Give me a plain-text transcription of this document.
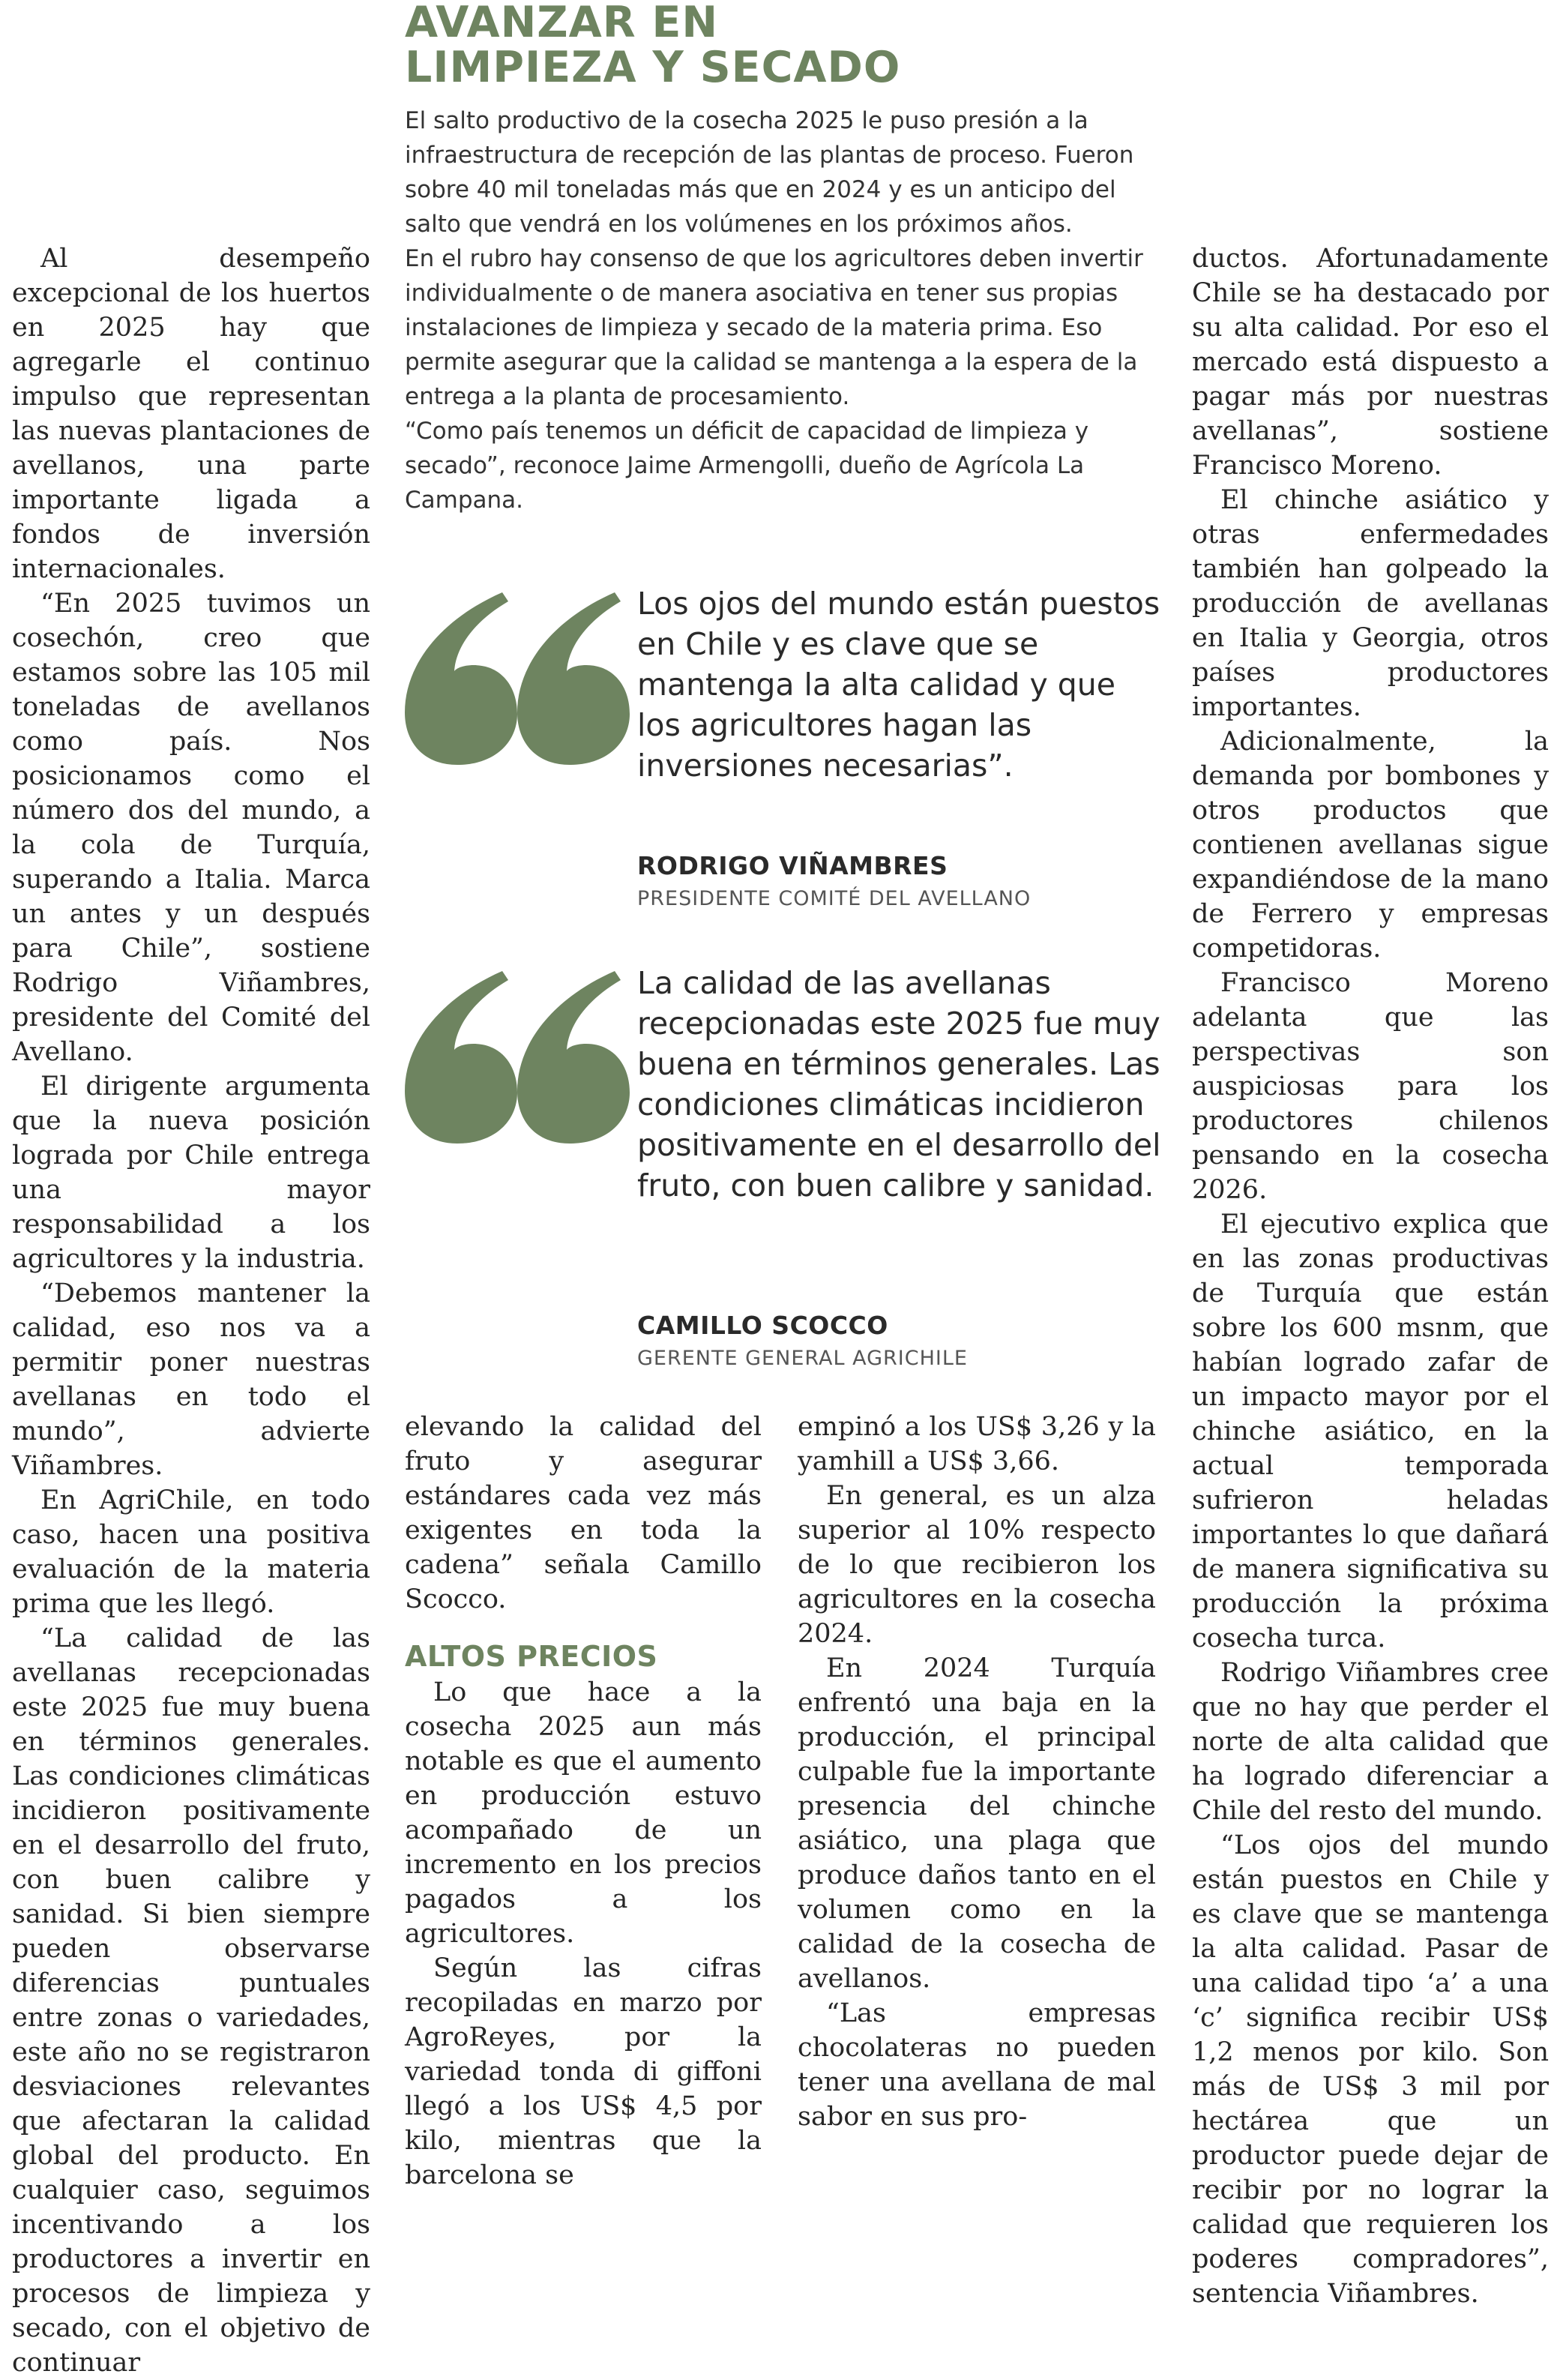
AVANZAR EN
LIMPIEZA Y SECADO

El salto productivo de la cosecha 2025 le puso presión a la infraestructura de recepción de las plantas de proceso. Fueron sobre 40 mil toneladas más que en 2024 y es un anticipo del salto que vendrá en los volúmenes en los próximos años.

En el rubro hay consenso de que los agricultores deben invertir individualmente o de manera asociativa en tener sus propias instalaciones de limpieza y secado de la materia prima. Eso permite asegurar que la calidad se mantenga a la espera de la entrega a la planta de procesamiento.

“Como país tenemos un déficit de capacidad de limpieza y secado”, reconoce Jaime Armengolli, dueño de Agrícola La Campana.

Los ojos del mundo están puestos en Chile y es clave que se mantenga la alta calidad y que los agricultores hagan las inversiones necesarias”.
RODRIGO VIÑAMBRES
PRESIDENTE COMITÉ DEL AVELLANO
La calidad de las avellanas recepcionadas este 2025 fue muy buena en términos generales. Las condiciones climáticas incidieron positivamente en el desarrollo del fruto, con buen calibre y sanidad.
CAMILLO SCOCCO
GERENTE GENERAL AGRICHILE

Al desempeño excepcional de los huertos en 2025 hay que agregarle el continuo impulso que representan las nuevas plantaciones de avellanos, una parte importante ligada a fondos de inversión internacionales.

“En 2025 tuvimos un cosechón, creo que estamos sobre las 105 mil toneladas de avellanos como país. Nos posicionamos como el número dos del mundo, a la cola de Turquía, superando a Italia. Marca un antes y un después para Chile”, sostiene Rodrigo Viñambres, presidente del Comité del Avellano.

El dirigente argumenta que la nueva posición lograda por Chile entrega una mayor responsabilidad a los agricultores y la industria.

“Debemos mantener la calidad, eso nos va a permitir poner nuestras avellanas en todo el mundo”, advierte Viñambres.

En AgriChile, en todo caso, hacen una positiva evaluación de la materia prima que les llegó.

“La calidad de las avellanas recepcionadas este 2025 fue muy buena en términos generales. Las condiciones climáticas incidieron positivamente en el desarrollo del fruto, con buen calibre y sanidad. Si bien siempre pueden observarse diferencias puntuales entre zonas o variedades, este año no se registraron desviaciones relevantes que afectaran la calidad global del producto. En cualquier caso, seguimos incentivando a los productores a invertir en procesos de limpieza y secado, con el objetivo de continuar

elevando la calidad del fruto y asegurar estándares cada vez más exigentes en toda la cadena” señala Camillo Scocco.

ALTOS PRECIOS

Lo que hace a la cosecha 2025 aun más notable es que el aumento en producción estuvo acompañado de un incremento en los precios pagados a los agricultores.

Según las cifras recopiladas en marzo por AgroReyes, por la variedad tonda di giffoni llegó a los US$ 4,5 por kilo, mientras que la barcelona se

empinó a los US$ 3,26 y la yamhill a US$ 3,66.

En general, es un alza superior al 10% respecto de lo que recibieron los agricultores en la cosecha 2024.

En 2024 Turquía enfrentó una baja en la producción, el principal culpable fue la importante presencia del chinche asiático, una plaga que produce daños tanto en el volumen como en la calidad de la cosecha de avellanos.

“Las empresas chocolateras no pueden tener una avellana de mal sabor en sus pro-

ductos. Afortunadamente Chile se ha destacado por su alta calidad. Por eso el mercado está dispuesto a pagar más por nuestras avellanas”, sostiene Francisco Moreno.

El chinche asiático y otras enfermedades también han golpeado la producción de avellanas en Italia y Georgia, otros países productores importantes.

Adicionalmente, la demanda por bombones y otros productos que contienen avellanas sigue expandiéndose de la mano de Ferrero y empresas competidoras.

Francisco Moreno adelanta que las perspectivas son auspiciosas para los productores chilenos pensando en la cosecha 2026.

El ejecutivo explica que en las zonas productivas de Turquía que están sobre los 600 msnm, que habían logrado zafar de un impacto mayor por el chinche asiático, en la actual temporada sufrieron heladas importantes lo que dañará de manera significativa su producción la próxima cosecha turca.

Rodrigo Viñambres cree que no hay que perder el norte de alta calidad que ha logrado diferenciar a Chile del resto del mundo.

“Los ojos del mundo están puestos en Chile y es clave que se mantenga la alta calidad. Pasar de una calidad tipo ‘a’ a una ‘c’ significa recibir US$ 1,2 menos por kilo. Son más de US$ 3 mil por hectárea que un productor puede dejar de recibir por no lograr la calidad que requieren los poderes compradores”, sentencia Viñambres.
